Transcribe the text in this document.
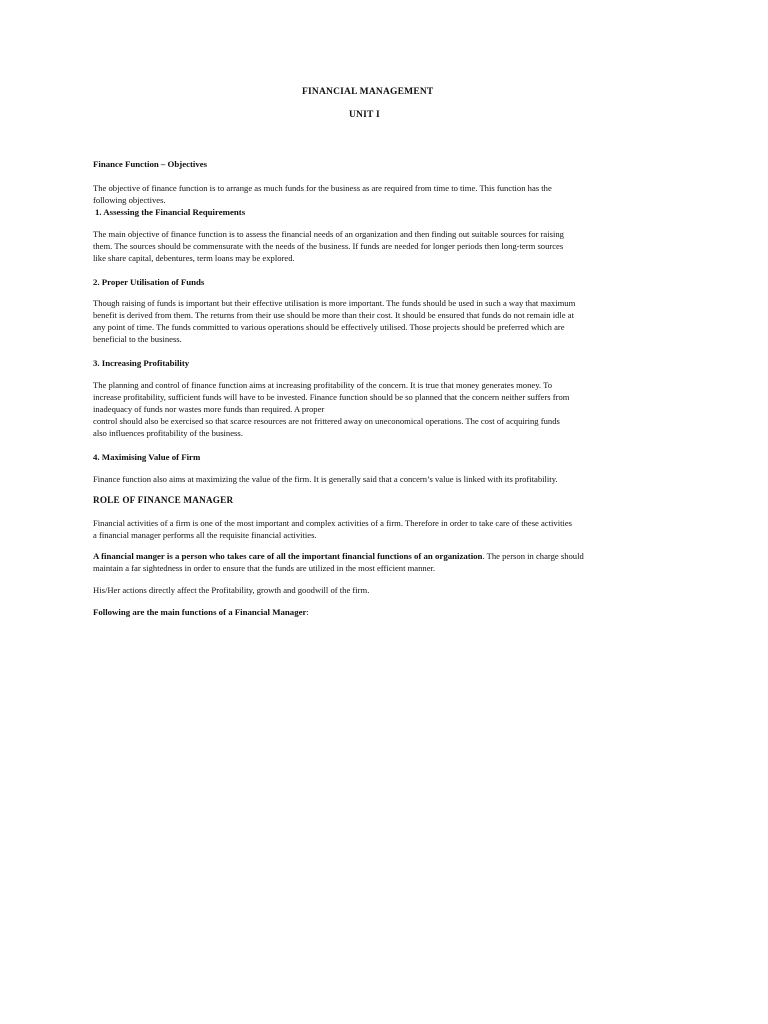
FINANCIAL MANAGEMENT

UNIT I

Finance Function – Objectives

The objective of finance function is to arrange as much funds for the business as are required from time to time. This function has the
following objectives.

1. Assessing the Financial Requirements

The main objective of finance function is to assess the financial needs of an organization and then finding out suitable sources for raising
them. The sources should be commensurate with the needs of the business. If funds are needed for longer periods then long-term sources
like share capital, debentures, term loans may be explored.

2. Proper Utilisation of Funds

Though raising of funds is important but their effective utilisation is more important. The funds should be used in such a way that maximum
benefit is derived from them. The returns from their use should be more than their cost. It should be ensured that funds do not remain idle at
any point of time. The funds committed to various operations should be effectively utilised. Those projects should be preferred which are
beneficial to the business.

3. Increasing Profitability

The planning and control of finance function aims at increasing profitability of the concern. It is true that money generates money. To
increase profitability, sufficient funds will have to be invested. Finance function should be so planned that the concern neither suffers from
inadequacy of funds nor wastes more funds than required. A proper
control should also be exercised so that scarce resources are not frittered away on uneconomical operations. The cost of acquiring funds
also influences profitability of the business.

4. Maximising Value of Firm

Finance function also aims at maximizing the value of the firm. It is generally said that a concern’s value is linked with its profitability.

ROLE OF FINANCE MANAGER

Financial activities of a firm is one of the most important and complex activities of a firm. Therefore in order to take care of these activities
a financial manager performs all the requisite financial activities.
A financial manger is a person who takes care of all the important financial functions of an organization. The person in charge should
maintain a far sightedness in order to ensure that the funds are utilized in the most efficient manner.

His/Her actions directly affect the Profitability, growth and goodwill of the firm.

Following are the main functions of a Financial Manager:
